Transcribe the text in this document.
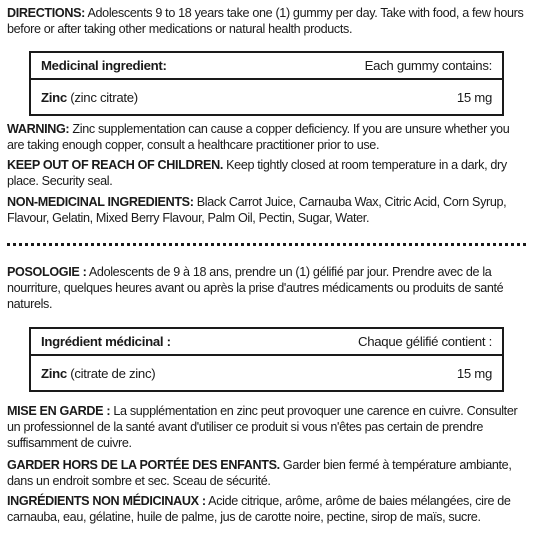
DIRECTIONS: Adolescents 9 to 18 years take one (1) gummy per day. Take with food, a few hours before or after taking other medications or natural health products.

Medicinal ingredient:	Each gummy contains:
Zinc (zinc citrate)	15 mg

WARNING: Zinc supplementation can cause a copper deficiency. If you are unsure whether you are taking enough copper, consult a healthcare practitioner prior to use.

KEEP OUT OF REACH OF CHILDREN. Keep tightly closed at room temperature in a dark, dry place. Security seal.

NON-MEDICINAL INGREDIENTS: Black Carrot Juice, Carnauba Wax, Citric Acid, Corn Syrup, Flavour, Gelatin, Mixed Berry Flavour, Palm Oil, Pectin, Sugar, Water.

POSOLOGIE : Adolescents de 9 à 18 ans, prendre un (1) gélifié par jour. Prendre avec de la nourriture, quelques heures avant ou après la prise d'autres médicaments ou produits de santé naturels.

Ingrédient médicinal :	Chaque gélifié contient :
Zinc (citrate de zinc)	15 mg

MISE EN GARDE : La supplémentation en zinc peut provoquer une carence en cuivre. Consulter un professionnel de la santé avant d'utiliser ce produit si vous n'êtes pas certain de prendre suffisamment de cuivre.

GARDER HORS DE LA PORTÉE DES ENFANTS. Garder bien fermé à température ambiante, dans un endroit sombre et sec. Sceau de sécurité.

INGRÉDIENTS NON MÉDICINAUX : Acide citrique, arôme, arôme de baies mélangées, cire de carnauba, eau, gélatine, huile de palme, jus de carotte noire, pectine, sirop de maïs, sucre.
